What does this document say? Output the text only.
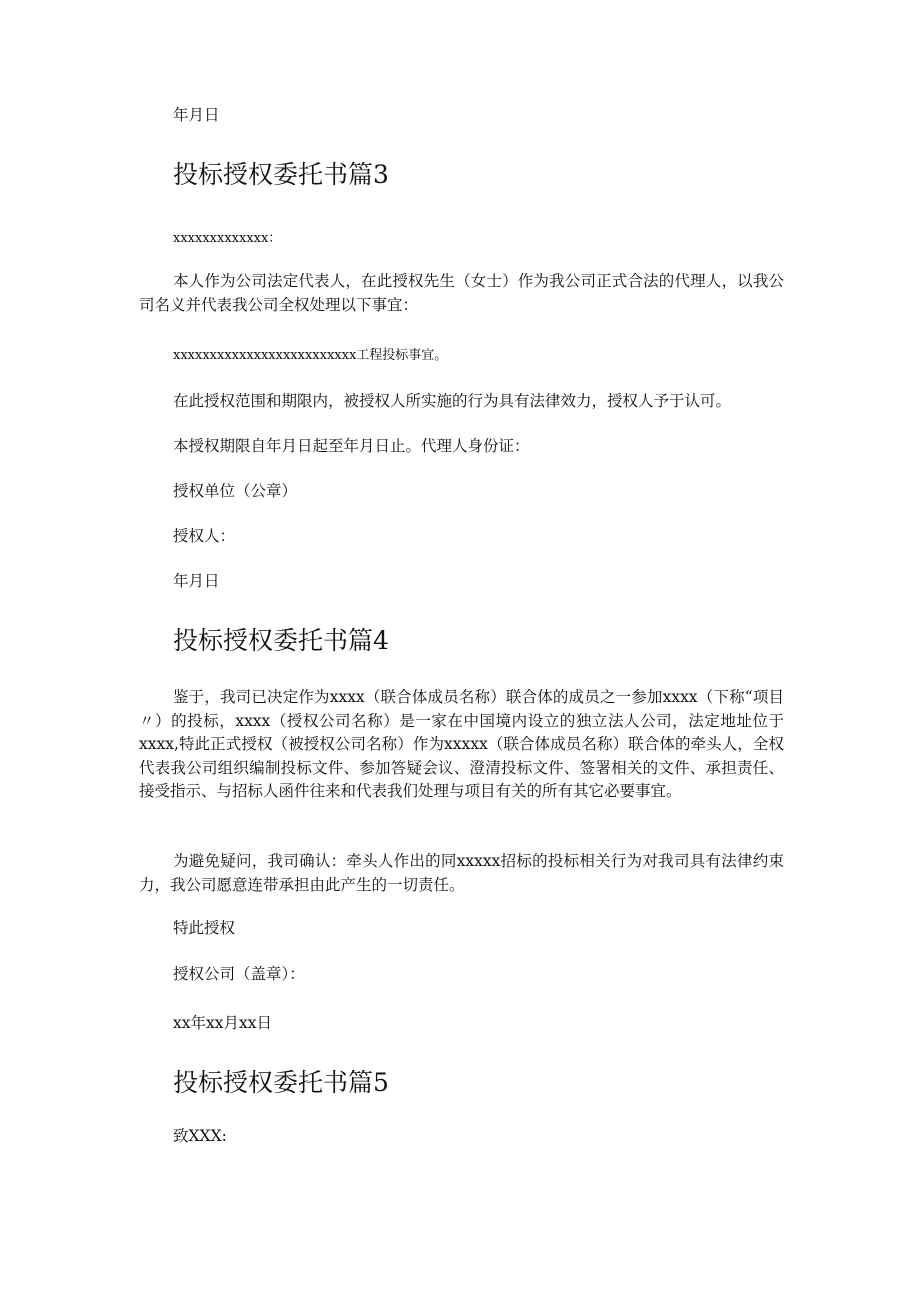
年月日
投标授权委托书篇3
xxxxxxxxxxxxx：
本人作为公司法定代表人，在此授权先生（女士）作为我公司正式合法的代理人，以我公司名义并代表我公司全权处理以下事宜：
xxxxxxxxxxxxxxxxxxxxxxxxx工程投标事宜。
在此授权范围和期限内，被授权人所实施的行为具有法律效力，授权人予于认可。
本授权期限自年月日起至年月日止。代理人身份证：
授权单位（公章）
授权人：
年月日
投标授权委托书篇4
鉴于，我司已决定作为xxxx（联合体成员名称）联合体的成员之一参加xxxx（下称“项目〃）的投标，xxxx（授权公司名称）是一家在中国境内设立的独立法人公司，法定地址位于xxxx,特此正式授权（被授权公司名称）作为xxxxx（联合体成员名称）联合体的牵头人，全权代表我公司组织编制投标文件、参加答疑会议、澄清投标文件、签署相关的文件、承担责任、接受指示、与招标人函件往来和代表我们处理与项目有关的所有其它必要事宜。
为避免疑问，我司确认：牵头人作出的同xxxxx招标的投标相关行为对我司具有法律约束力，我公司愿意连带承担由此产生的一切责任。
特此授权
授权公司（盖章）：
xx年xx月xx日
投标授权委托书篇5
致XXX:
